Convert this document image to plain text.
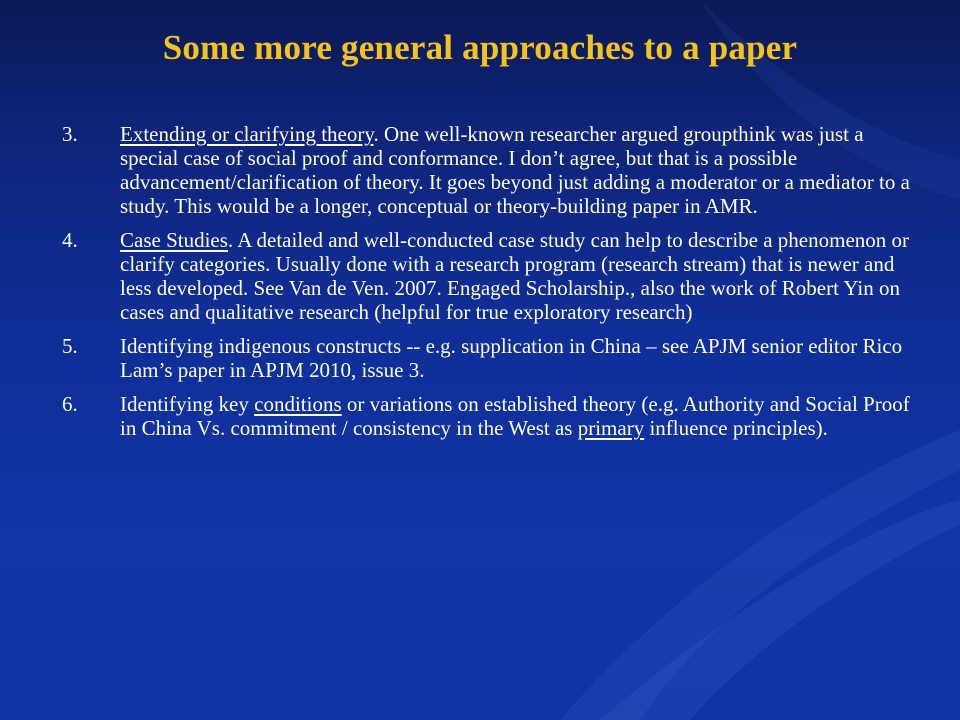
Some more general approaches to a paper
3.	Extending or clarifying theory. One well-known researcher argued groupthink was just a special case of social proof and conformance. I don’t agree, but that is a possible advancement/clarification of theory. It goes beyond just adding a moderator or a mediator to a study. This would be a longer, conceptual or theory-building paper in AMR.
4.	Case Studies. A detailed and well-conducted case study can help to describe a phenomenon or clarify categories. Usually done with a research program (research stream) that is newer and less developed. See Van de Ven. 2007. Engaged Scholarship., also the work of Robert Yin on cases and qualitative research (helpful for true exploratory research)
5.	Identifying indigenous constructs -- e.g. supplication in China – see APJM senior editor Rico Lam’s paper in APJM 2010, issue 3.
6.	Identifying key conditions or variations on established theory (e.g. Authority and Social Proof in China Vs. commitment / consistency in the West as primary influence principles).
